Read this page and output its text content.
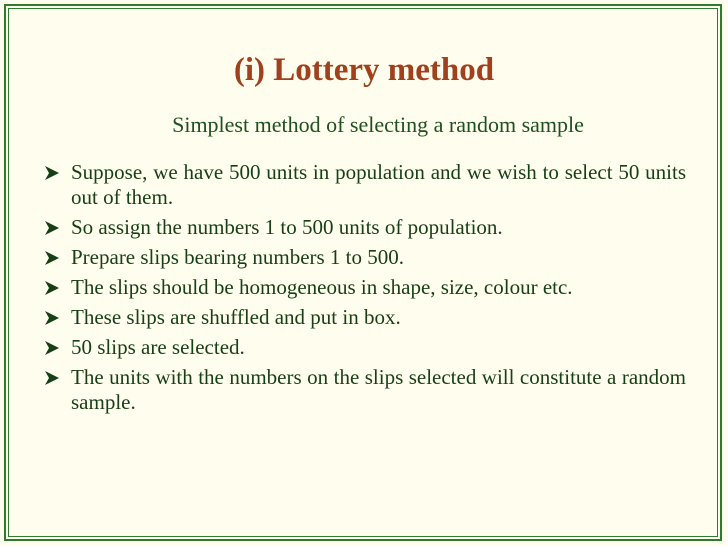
(i) Lottery method
Simplest method of selecting a random sample
Suppose, we have 500 units in population and we wish to select 50 units out of them.
So assign the numbers 1 to 500 units of population.
Prepare slips bearing numbers 1 to 500.
The slips should be homogeneous in shape, size, colour etc.
These slips are shuffled and put in box.
50 slips are selected.
The units with the numbers on the slips selected will constitute a random sample.
